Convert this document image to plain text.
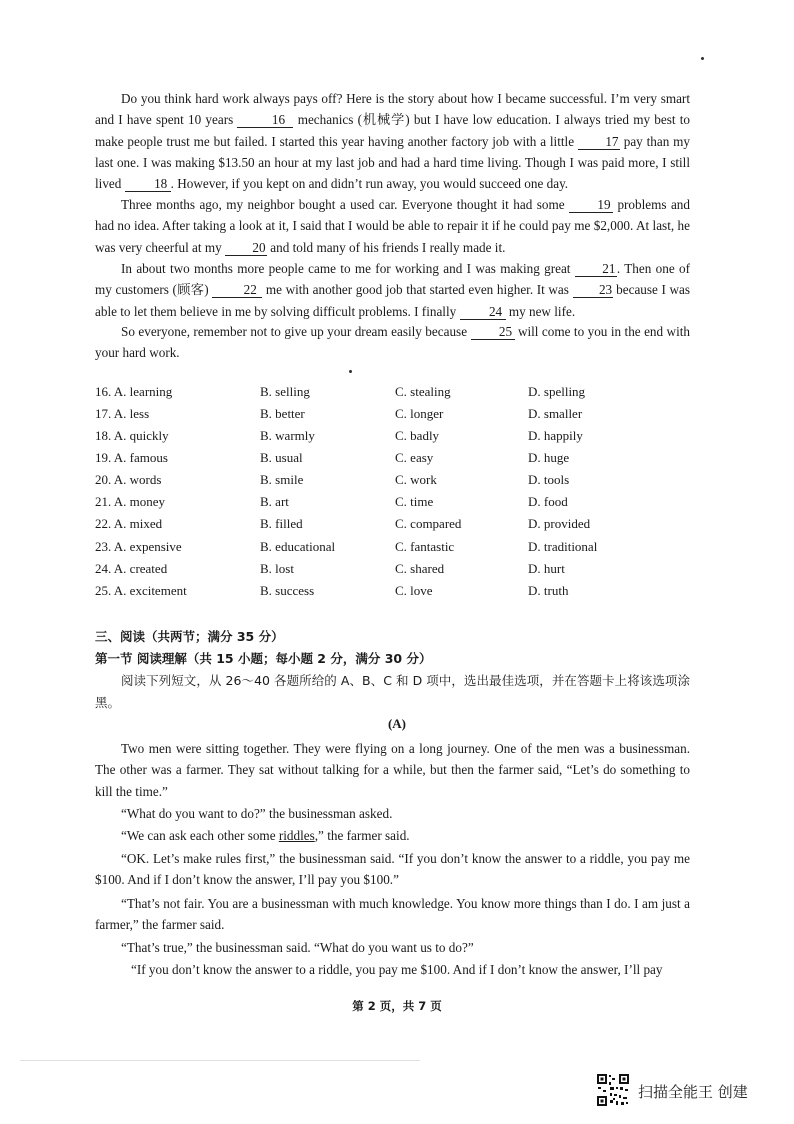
Do you think hard work always pays off? Here is the story about how I became successful. I’m very smart and I have spent 10 years	16 mechanics (机械学) but I have low education. I always tried my best to make people trust me but failed. I started this year having another factory job with a little 17 pay than my last one. I was making $13.50 an hour at my last job and had a hard time living. Though I was paid more, I still lived 18 . However, if you kept on and didn’t run away, you would succeed one day.

Three months ago, my neighbor bought a used car. Everyone thought it had some 19 problems and had no idea. After taking a look at it, I said that I would be able to repair it if he could pay me $2,000. At last, he was very cheerful at my 20 and told many of his friends I really made it.

In about two months more people came to me for working and I was making great 21. Then one of my customers (顾客) 22 me with another good job that started even higher. It was 23 because I was able to let them believe in me by solving difficult problems. I finally 24 my new life.

So everyone, remember not to give up your dream easily because 25 will come to you in the end with your hard work.

16. A. learning	B. selling	C. stealing	D. spelling
17. A. less	B. better	C. longer	D. smaller
18. A. quickly	B. warmly	C. badly	D. happily
19. A. famous	B. usual	C. easy	D. huge
20. A. words	B. smile	C. work	D. tools
21. A. money	B. art	C. time	D. food
22. A. mixed	B. filled	C. compared	D. provided
23. A. expensive	B. educational	C. fantastic	D. traditional
24. A. created	B. lost	C. shared	D. hurt
25. A. excitement	B. success	C. love	D. truth
三、阅读（共两节；满分 35 分）
第一节 阅读理解（共 15 小题；每小题 2 分，满分 30 分）

阅读下列短文，从 26～40 各题所给的 A、B、C 和 D 项中，选出最佳选项，并在答题卡上将该选项涂黑。

(A)

Two men were sitting together. They were flying on a long journey. One of the men was a businessman. The other was a farmer. They sat without talking for a while, but then the farmer said, “Let’s do something to kill the time.”

“What do you want to do?” the businessman asked.

“We can ask each other some riddles,” the farmer said.

“OK. Let’s make rules first,” the businessman said. “If you don’t know the answer to a riddle, you pay me $100. And if I don’t know the answer, I’ll pay you $100.”

“That’s not fair. You are a businessman with much knowledge. You know more things than I do. I am just a farmer,” the farmer said.

“That’s true,” the businessman said. “What do you want us to do?”

“If you don’t know the answer to a riddle, you pay me $100. And if I don’t know the answer, I’ll pay

第 2 页，共 7 页
扫描全能王 创建
